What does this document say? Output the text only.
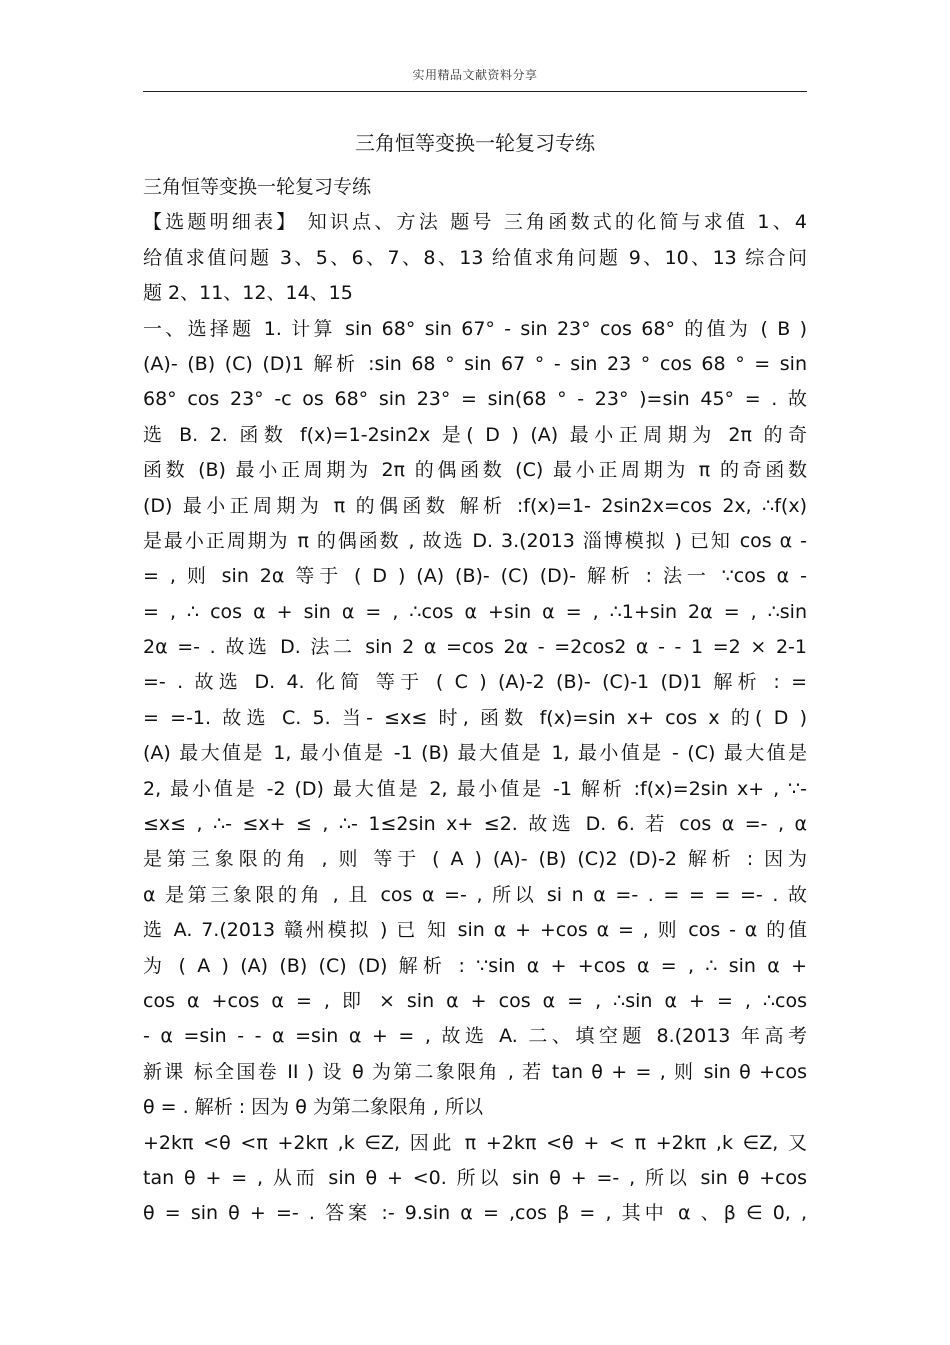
实用精品文献资料分享
三角恒等变换一轮复习专练
三角恒等变换一轮复习专练
【选题明细表】 知识点、方法 题号 三角函数式的化简与求值 1、4
给值求值问题 3、5、6、7、8、13 给值求角问题 9、10、13 综合问
题 2、11、12、14、15
一、选择题 1. 计算 sin 68° sin 67° - sin 23° cos 68° 的值为 ( B )
(A)- (B) (C) (D)1 解析 :sin 68 ° sin 67 ° - sin 23 ° cos 68 ° = sin
68° cos 23° -c os 68° sin 23° = sin(68 ° - 23° )=sin 45° = . 故
选 B. 2. 函数 f(x)=1-2sin2x 是( D ) (A) 最小正周期为 2π 的奇
函数 (B) 最小正周期为 2π 的偶函数 (C) 最小正周期为 π 的奇函数
(D) 最小正周期为 π 的偶函数 解析 :f(x)=1- 2sin2x=cos 2x, ∴f(x)
是最小正周期为 π 的偶函数 , 故选 D. 3.(2013 淄博模拟 ) 已知 cos α -
= , 则 sin 2α 等于 ( D ) (A) (B)- (C) (D)- 解析 : 法一 ∵cos α -
= , ∴ cos α + sin α = , ∴cos α +sin α = , ∴1+sin 2α = , ∴sin
2α =- . 故选 D. 法二 sin 2 α =cos 2α - =2cos2 α - - 1 =2 × 2-1
=- . 故选 D. 4. 化简 等于 ( C ) (A)-2 (B)- (C)-1 (D)1 解析 : =
= =-1. 故选 C. 5. 当- ≤x≤ 时, 函数 f(x)=sin x+ cos x 的( D )
(A) 最大值是 1, 最小值是 -1 (B) 最大值是 1, 最小值是 - (C) 最大值是
2, 最小值是 -2 (D) 最大值是 2, 最小值是 -1 解析 :f(x)=2sin x+ , ∵-
≤x≤ , ∴- ≤x+ ≤ , ∴- 1≤2sin x+ ≤2. 故选 D. 6. 若 cos α =- , α
是第三象限的角 , 则 等于 ( A ) (A)- (B) (C)2 (D)-2 解析 : 因为
α 是第三象限的角 , 且 cos α =- , 所以 si n α =- . = = = =- . 故
选 A. 7.(2013 赣州模拟 ) 已 知 sin α + +cos α = , 则 cos - α 的值
为 ( A ) (A) (B) (C) (D) 解析 : ∵sin α + +cos α = , ∴ sin α +
cos α +cos α = , 即 × sin α + cos α = , ∴sin α + = , ∴cos
- α =sin - - α =sin α + = , 故选 A. 二、填空题 8.(2013 年高考
新课 标全国卷 II ) 设 θ 为第二象限角 , 若 tan θ + = , 则 sin θ +cos
θ = . 解析 : 因为 θ 为第二象限角 , 所以
+2kπ <θ <π +2kπ ,k ∈Z, 因此 π +2kπ <θ + < π +2kπ ,k ∈Z, 又
tan θ + = , 从而 sin θ + <0. 所以 sin θ + =- , 所以 sin θ +cos
θ = sin θ + =- . 答案 :- 9.sin α = ,cos β = , 其中 α 、β ∈ 0, ,
